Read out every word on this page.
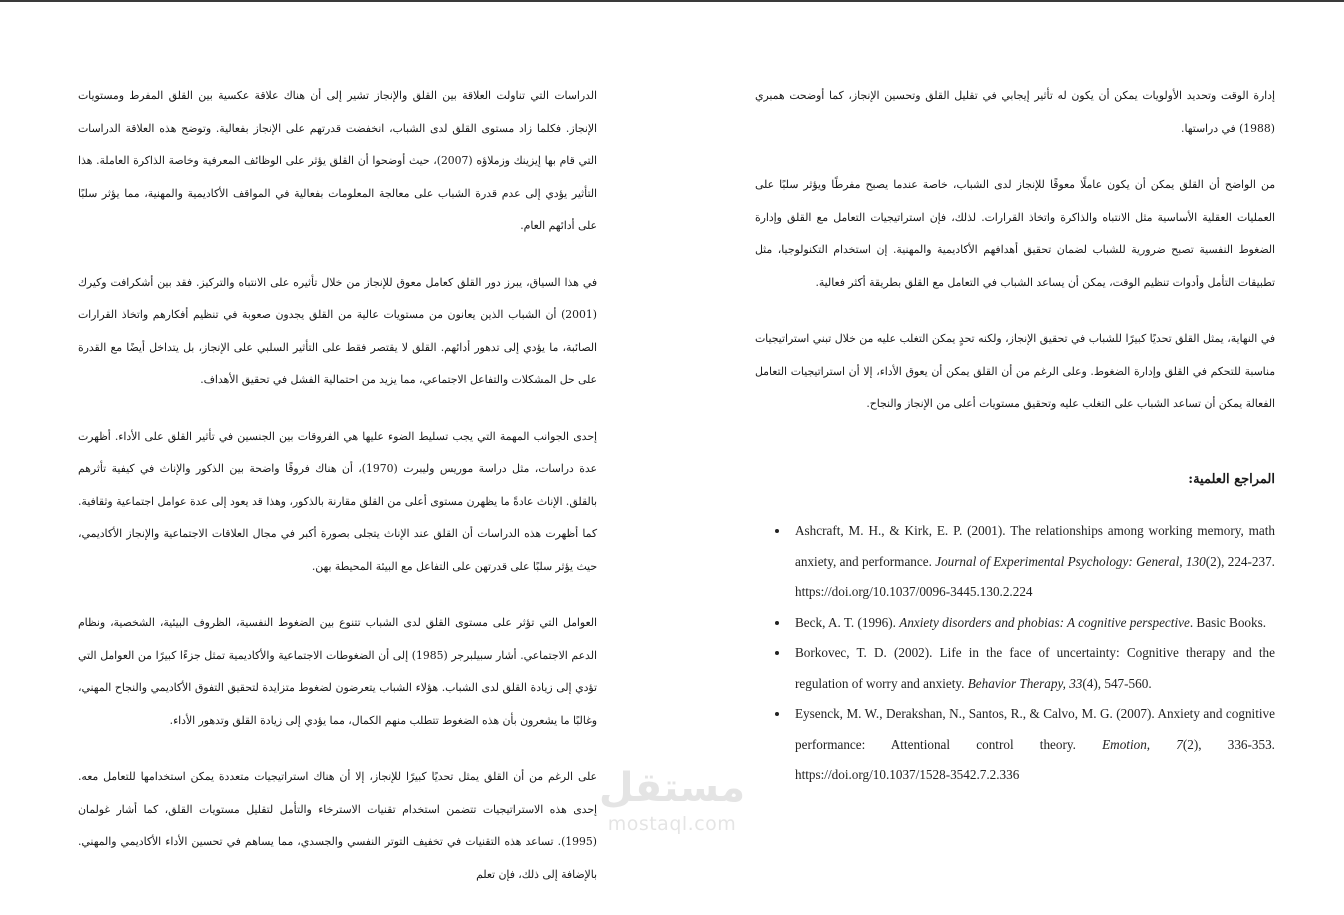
الدراسات التي تناولت العلاقة بين القلق والإنجاز تشير إلى أن هناك علاقة عكسية بين القلق المفرط ومستويات الإنجاز. فكلما زاد مستوى القلق لدى الشباب، انخفضت قدرتهم على الإنجاز بفعالية. وتوضح هذه العلاقة الدراسات التي قام بها إيزينك وزملاؤه (2007)، حيث أوضحوا أن القلق يؤثر على الوظائف المعرفية وخاصة الذاكرة العاملة. هذا التأثير يؤدي إلى عدم قدرة الشباب على معالجة المعلومات بفعالية في المواقف الأكاديمية والمهنية، مما يؤثر سلبًا على أدائهم العام.

في هذا السياق، يبرز دور القلق كعامل معوق للإنجاز من خلال تأثيره على الانتباه والتركيز. فقد بين أشكرافت وكيرك (2001) أن الشباب الذين يعانون من مستويات عالية من القلق يجدون صعوبة في تنظيم أفكارهم واتخاذ القرارات الصائبة، ما يؤدي إلى تدهور أدائهم. القلق لا يقتصر فقط على التأثير السلبي على الإنجاز، بل يتداخل أيضًا مع القدرة على حل المشكلات والتفاعل الاجتماعي، مما يزيد من احتمالية الفشل في تحقيق الأهداف.

إحدى الجوانب المهمة التي يجب تسليط الضوء عليها هي الفروقات بين الجنسين في تأثير القلق على الأداء. أظهرت عدة دراسات، مثل دراسة موريس وليبرت (1970)، أن هناك فروقًا واضحة بين الذكور والإناث في كيفية تأثرهم بالقلق. الإناث عادةً ما يظهرن مستوى أعلى من القلق مقارنة بالذكور، وهذا قد يعود إلى عدة عوامل اجتماعية وثقافية. كما أظهرت هذه الدراسات أن القلق عند الإناث يتجلى بصورة أكبر في مجال العلاقات الاجتماعية والإنجاز الأكاديمي، حيث يؤثر سلبًا على قدرتهن على التفاعل مع البيئة المحيطة بهن.

العوامل التي تؤثر على مستوى القلق لدى الشباب تتنوع بين الضغوط النفسية، الظروف البيئية، الشخصية، ونظام الدعم الاجتماعي. أشار سبيلبرجر (1985) إلى أن الضغوطات الاجتماعية والأكاديمية تمثل جزءًا كبيرًا من العوامل التي تؤدي إلى زيادة القلق لدى الشباب. هؤلاء الشباب يتعرضون لضغوط متزايدة لتحقيق التفوق الأكاديمي والنجاح المهني، وغالبًا ما يشعرون بأن هذه الضغوط تتطلب منهم الكمال، مما يؤدي إلى زيادة القلق وتدهور الأداء.

على الرغم من أن القلق يمثل تحديًا كبيرًا للإنجاز، إلا أن هناك استراتيجيات متعددة يمكن استخدامها للتعامل معه. إحدى هذه الاستراتيجيات تتضمن استخدام تقنيات الاسترخاء والتأمل لتقليل مستويات القلق، كما أشار غولمان (1995). تساعد هذه التقنيات في تخفيف التوتر النفسي والجسدي، مما يساهم في تحسين الأداء الأكاديمي والمهني. بالإضافة إلى ذلك، فإن تعلم

إدارة الوقت وتحديد الأولويات يمكن أن يكون له تأثير إيجابي في تقليل القلق وتحسين الإنجاز، كما أوضحت همبري (1988) في دراستها.

من الواضح أن القلق يمكن أن يكون عاملًا معوقًا للإنجاز لدى الشباب، خاصة عندما يصبح مفرطًا ويؤثر سلبًا على العمليات العقلية الأساسية مثل الانتباه والذاكرة واتخاذ القرارات. لذلك، فإن استراتيجيات التعامل مع القلق وإدارة الضغوط النفسية تصبح ضرورية للشباب لضمان تحقيق أهدافهم الأكاديمية والمهنية. إن استخدام التكنولوجيا، مثل تطبيقات التأمل وأدوات تنظيم الوقت، يمكن أن يساعد الشباب في التعامل مع القلق بطريقة أكثر فعالية.

في النهاية، يمثل القلق تحديًا كبيرًا للشباب في تحقيق الإنجاز، ولكنه تحدٍ يمكن التغلب عليه من خلال تبني استراتيجيات مناسبة للتحكم في القلق وإدارة الضغوط. وعلى الرغم من أن القلق يمكن أن يعوق الأداء، إلا أن استراتيجيات التعامل الفعالة يمكن أن تساعد الشباب على التغلب عليه وتحقيق مستويات أعلى من الإنجاز والنجاح.

المراجع العلمية:
Ashcraft, M. H., & Kirk, E. P. (2001). The relationships among working memory, math anxiety, and performance. Journal of Experimental Psychology: General, 130(2), 224-237. https://doi.org/10.1037/0096-3445.130.2.224
Beck, A. T. (1996). Anxiety disorders and phobias: A cognitive perspective. Basic Books.
Borkovec, T. D. (2002). Life in the face of uncertainty: Cognitive therapy and the regulation of worry and anxiety. Behavior Therapy, 33(4), 547-560.
Eysenck, M. W., Derakshan, N., Santos, R., & Calvo, M. G. (2007). Anxiety and cognitive performance: Attentional control theory. Emotion, 7(2), 336-353. https://doi.org/10.1037/1528-3542.7.2.336
مستقل
mostaql.com
